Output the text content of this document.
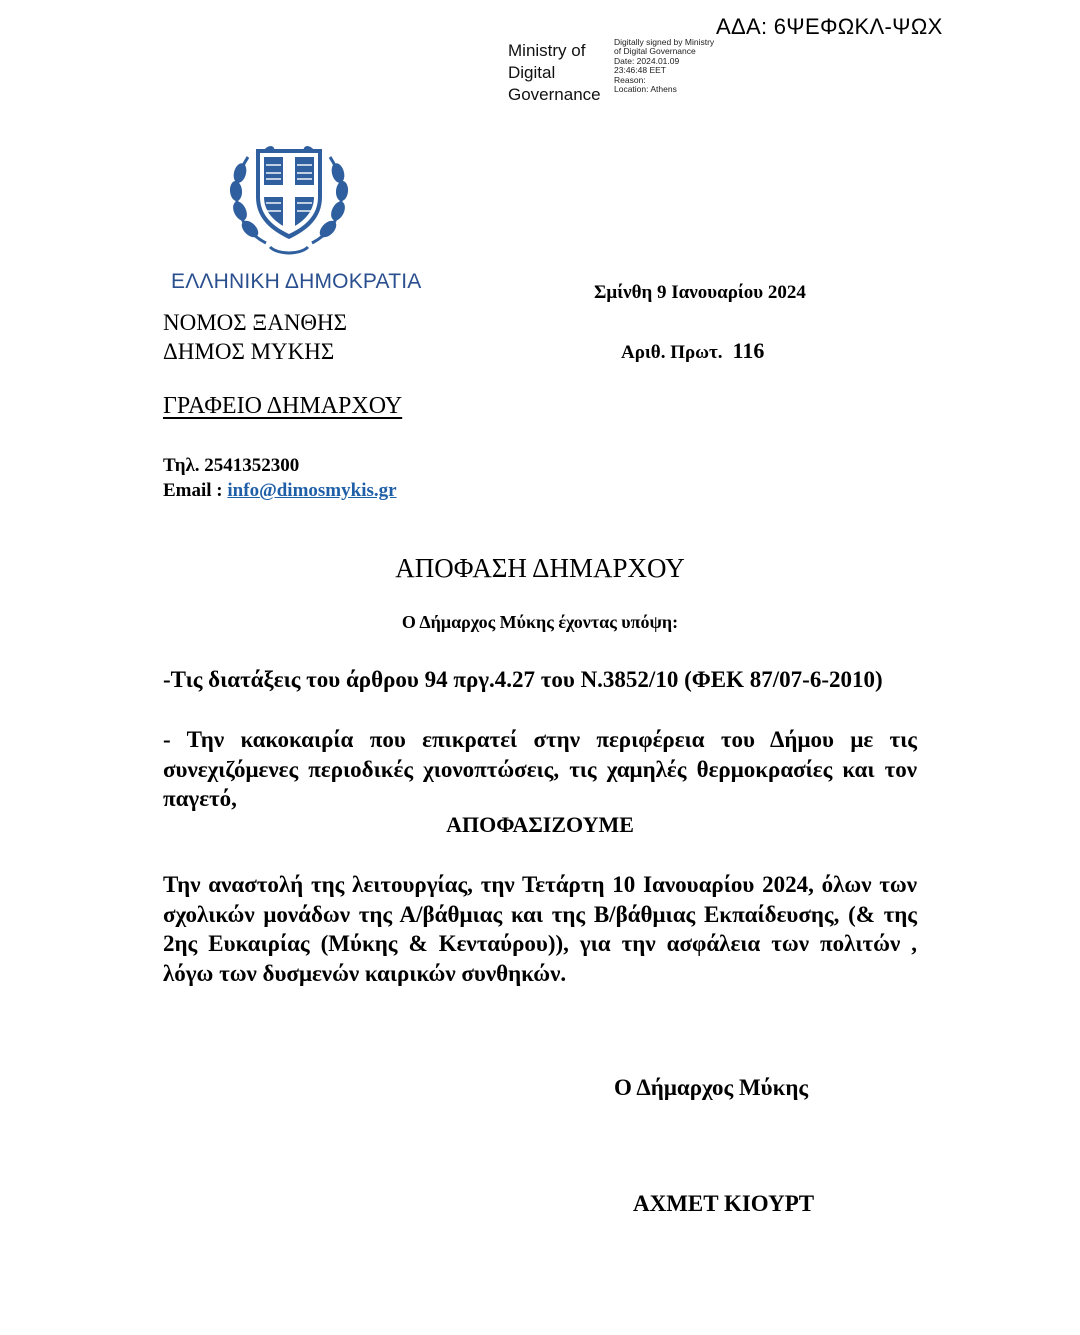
ΑΔΑ: 6ΨΕΦΩΚΛ-ΨΩΧ
Ministry of
Digital
Governance
Digitally signed by Ministry
of Digital Governance
Date: 2024.01.09
23:46:48 EET
Reason:
Location: Athens
ΕΛΛΗΝΙΚΗ ΔΗΜΟΚΡΑΤΙΑ	Σμίνθη 9 Ιανουαρίου 2024
Αριθ. Πρωτ. 116
ΝΟΜΟΣ ΞΑΝΘΗΣ
ΔΗΜΟΣ ΜΥΚΗΣ
ΓΡΑΦΕΙΟ ΔΗΜΑΡΧΟΥ
Τηλ. 2541352300
Email : info@dimosmykis.gr
ΑΠΟΦΑΣΗ ΔΗΜΑΡΧΟΥ
Ο Δήμαρχος Μύκης έχοντας υπόψη:
-Τις διατάξεις του άρθρου 94 πργ.4.27 του Ν.3852/10 (ΦΕΚ 87/07-6-2010)
- Την κακοκαιρία που επικρατεί στην περιφέρεια του Δήμου με τις συνεχιζόμενες περιοδικές χιονοπτώσεις, τις χαμηλές θερμοκρασίες και τον παγετό,
ΑΠΟΦΑΣΙΖΟΥΜΕ
Την αναστολή της λειτουργίας, την Τετάρτη 10 Ιανουαρίου 2024, όλων των σχολικών μονάδων της Α/βάθμιας και της Β/βάθμιας Εκπαίδευσης, (& της 2ης Ευκαιρίας (Μύκης & Κενταύρου)), για την ασφάλεια των πολιτών , λόγω των δυσμενών καιρικών συνθηκών.
Ο Δήμαρχος Μύκης
ΑΧΜΕΤ ΚΙΟΥΡΤ
